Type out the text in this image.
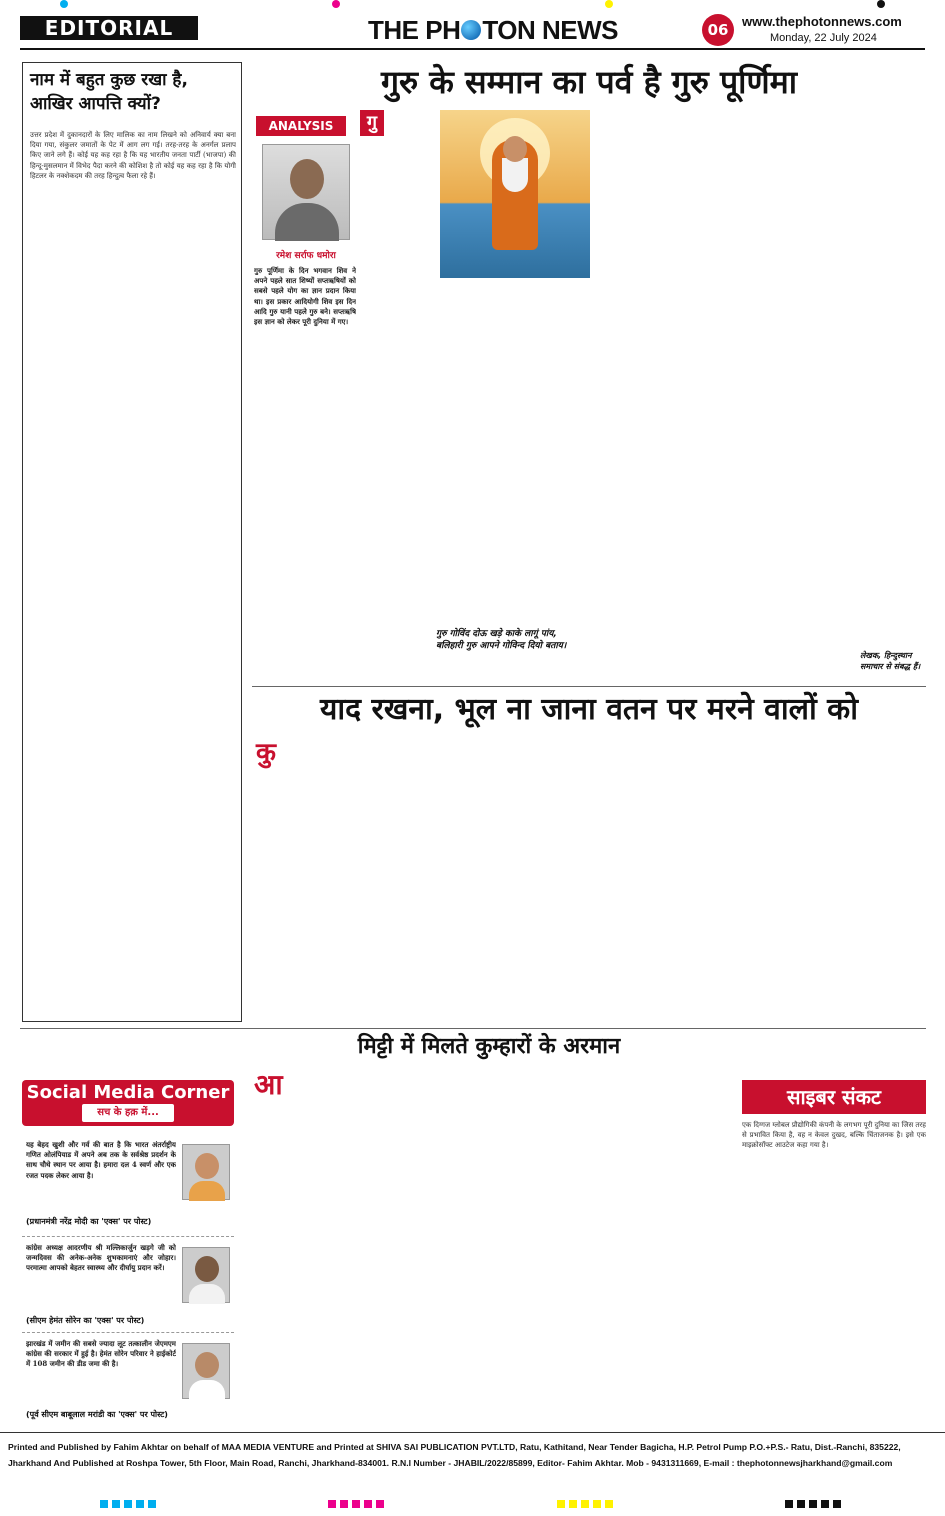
EDITORIAL	THE PH TON NEWS	06	www.thephotonnews.com
Monday, 22 July 2024
नाम में बहुत कुछ रखा है, आखिर आपत्ति क्यों?
उत्तर प्रदेश में दुकानदारों के लिए मालिक का नाम लिखने को अनिवार्य क्या बना दिया गया, संकुलर जमातों के पेट में आग लग गई। तरह-तरह के अनर्गल प्रलाप किए जाने लगे हैं। कोई यह कह रहा है कि यह भारतीय जनता पार्टी (भाजपा) की हिन्दू-मुसलमान में विभेद पैदा करने की कोशिश है तो कोई यह कह रहा है कि योगी हिटलर के नक्शेकदम की तरह हिन्दुत्व फैला रहे हैं।
ANALYSIS
रमेश सर्राफ धमोरा
गुरु पूर्णिमा के दिन भगवान शिव ने अपने पहले सात शिष्यों सप्तऋषियों को सबसे पहले योग का ज्ञान प्रदान किया था। इस प्रकार आदियोगी शिव इस दिन आदि गुरु यानी पहले गुरु बने। सप्तऋषि इस ज्ञान को लेकर पूरी दुनिया में गए।
गुरु के सम्मान का पर्व है गुरु पूर्णिमा
गु
गुरु गोविंद दोऊ खड़े काके लागूं पांय, बलिहारी गुरु आपने गोविन्द दियो बताय।
लेखक, हिन्दुस्थान समाचार से संबद्ध हैं।
याद रखना, भूल ना जाना वतन पर मरने वालों को
कु
Social Media Corner
सच के हक़ में...
यह बेहद खुशी और गर्व की बात है कि भारत अंतर्राष्ट्रीय गणित ओलंपियाड में अपने अब तक के सर्वश्रेष्ठ प्रदर्शन के साथ चौथे स्थान पर आया है। हमारा दल 4 स्वर्ण और एक रजत पदक लेकर आया है।
(प्रधानमंत्री नरेंद्र मोदी का 'एक्स' पर पोस्ट)
कांग्रेस अध्यक्ष आदरणीय श्री मल्लिकार्जुन खड़गे जी को जन्मदिवस की अनेक-अनेक शुभकामनाएं और जोहार। परमात्मा आपको बेहतर स्वास्थ्य और दीर्घायु प्रदान करें।
(सीएम हेमंत सोरेन का 'एक्स' पर पोस्ट)
झारखंड में जमीन की सबसे ज्यादा लूट तत्कालीन जेएमएम कांग्रेस की सरकार में हुई है। हेमंत सोरेन परिवार ने हाईकोर्ट में 108 जमीन की डीड जमा की है।
(पूर्व सीएम बाबूलाल मरांडी का 'एक्स' पर पोस्ट)
मिट्टी में मिलते कुम्हारों के अरमान
आ	साइबर संकट
एक दिग्गज ग्लोबल प्रौद्योगिकी कंपनी के लगभग पूरी दुनिया का जिस तरह से प्रभावित किया है, वह न केवल दुखद, बल्कि चिंताजनक है। इसे एक माइक्रोसॉफ्ट आउटेज कहा गया है।
Printed and Published by Fahim Akhtar on behalf of MAA MEDIA VENTURE and Printed at SHIVA SAI PUBLICATION PVT.LTD, Ratu, Kathitand, Near Tender Bagicha, H.P. Petrol Pump P.O.+P.S.- Ratu, Dist.-Ranchi, 835222,
Jharkhand And Published at Roshpa Tower, 5th Floor, Main Road, Ranchi, Jharkhand-834001. R.N.I Number - JHABIL/2022/85899, Editor- Fahim Akhtar. Mob - 9431311669, E-mail : thephotonnewsjharkhand@gmail.com
